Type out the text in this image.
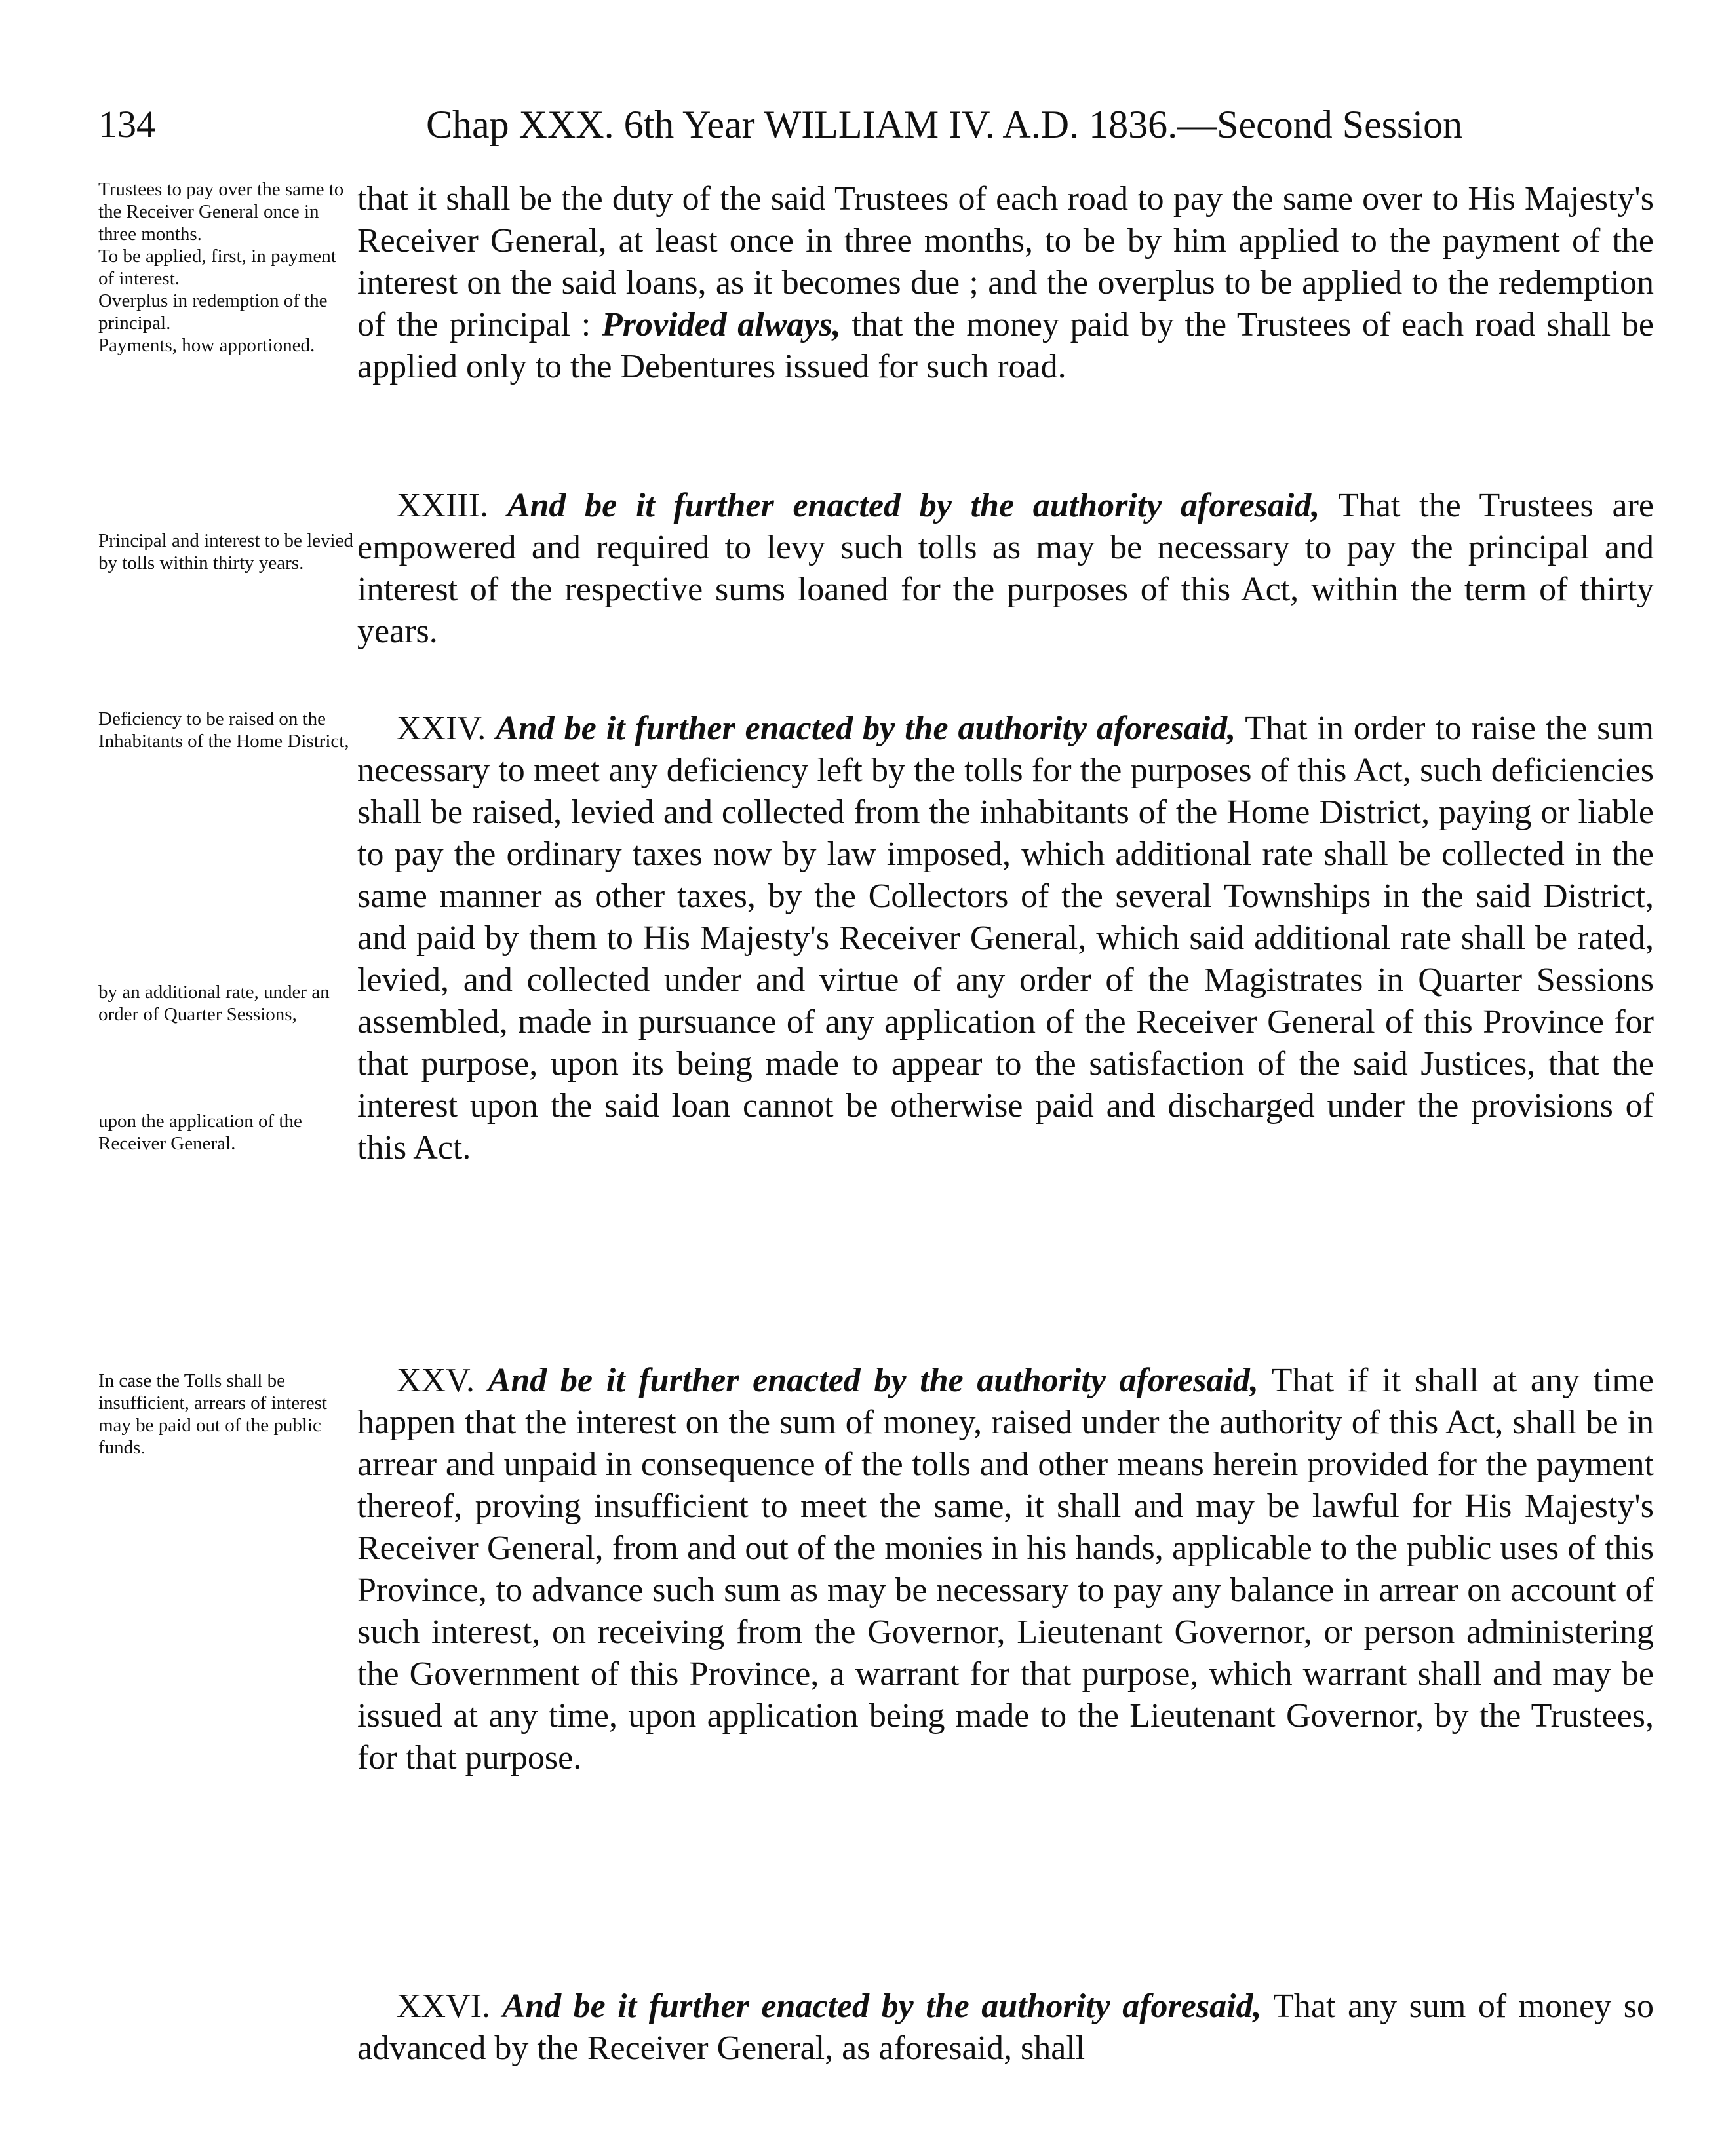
134	Chap XXX. 6th Year WILLIAM IV. A.D. 1836.—Second Session

Trustees to pay over the same to the Receiver General once in three months.

To be applied, first, in payment of interest.

Overplus in redemption of the principal.

Payments, how apportioned.

Principal and interest to be levied by tolls within thirty years.

Deficiency to be raised on the Inhabitants of the Home District,

by an additional rate, under an order of Quarter Sessions,

upon the application of the Receiver General.

In case the Tolls shall be insufficient, arrears of interest may be paid out of the public funds.

that it shall be the duty of the said Trustees of each road to pay the same over to His Majesty's Receiver General, at least once in three months, to be by him applied to the payment of the interest on the said loans, as it becomes due ; and the overplus to be applied to the redemption of the principal : Provided always, that the money paid by the Trustees of each road shall be applied only to the Debentures issued for such road.

XXIII. And be it further enacted by the authority aforesaid, That the Trustees are empowered and required to levy such tolls as may be necessary to pay the principal and interest of the respective sums loaned for the purposes of this Act, within the term of thirty years.

XXIV. And be it further enacted by the authority aforesaid, That in order to raise the sum necessary to meet any deficiency left by the tolls for the purposes of this Act, such deficiencies shall be raised, levied and collected from the inhabitants of the Home District, paying or liable to pay the ordinary taxes now by law imposed, which additional rate shall be collected in the same manner as other taxes, by the Collectors of the several Townships in the said District, and paid by them to His Majesty's Receiver General, which said additional rate shall be rated, levied, and collected under and virtue of any order of the Magistrates in Quarter Sessions assembled, made in pursuance of any application of the Receiver General of this Province for that purpose, upon its being made to appear to the satisfaction of the said Justices, that the interest upon the said loan cannot be otherwise paid and discharged under the provisions of this Act.

XXV. And be it further enacted by the authority aforesaid, That if it shall at any time happen that the interest on the sum of money, raised under the authority of this Act, shall be in arrear and unpaid in consequence of the tolls and other means herein provided for the payment thereof, proving insufficient to meet the same, it shall and may be lawful for His Majesty's Receiver General, from and out of the monies in his hands, applicable to the public uses of this Province, to advance such sum as may be necessary to pay any balance in arrear on account of such interest, on receiving from the Governor, Lieutenant Governor, or person administering the Government of this Province, a warrant for that purpose, which warrant shall and may be issued at any time, upon application being made to the Lieutenant Governor, by the Trustees, for that purpose.

XXVI. And be it further enacted by the authority aforesaid, That any sum of money so advanced by the Receiver General, as aforesaid, shall
